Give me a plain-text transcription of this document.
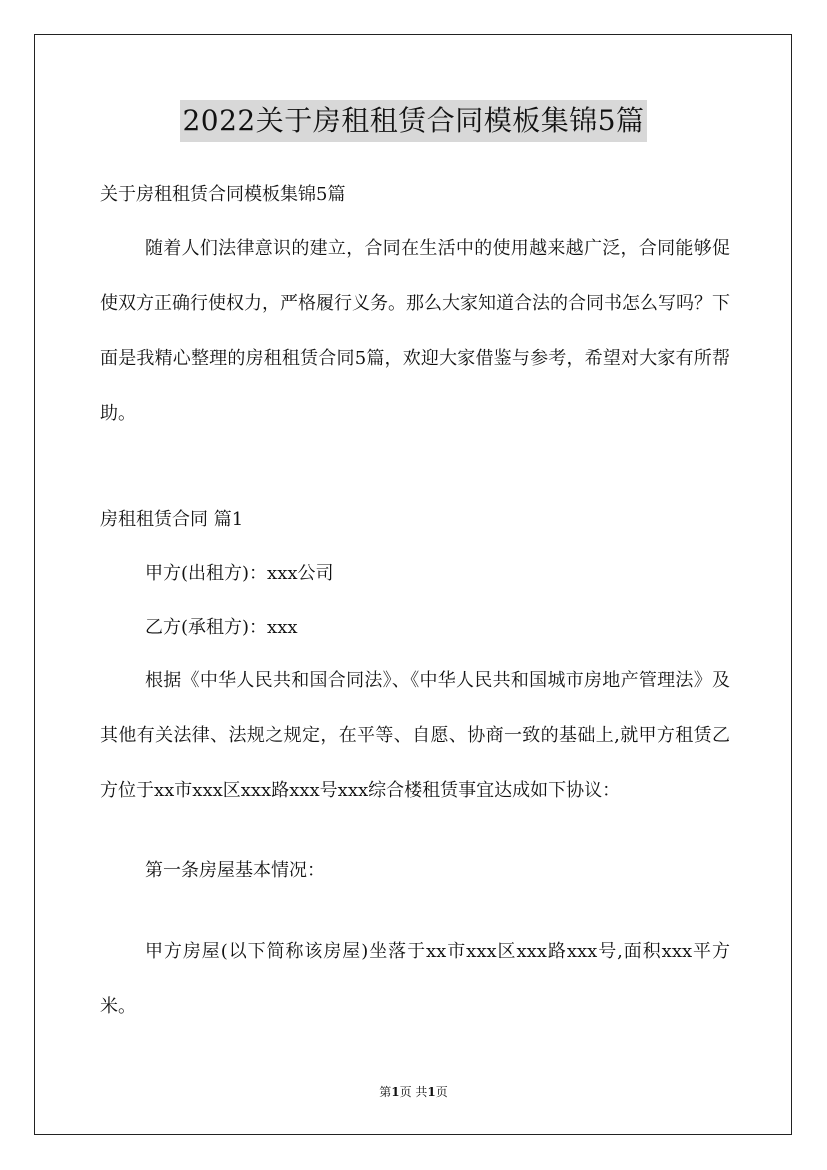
2022关于房租租赁合同模板集锦5篇

关于房租租赁合同模板集锦5篇

随着人们法律意识的建立，合同在生活中的使用越来越广泛，合同能够促使双方正确行使权力，严格履行义务。那么大家知道合法的合同书怎么写吗？下面是我精心整理的房租租赁合同5篇，欢迎大家借鉴与参考，希望对大家有所帮助。

房租租赁合同 篇1

甲方(出租方)：xxx公司

乙方(承租方)：xxx

根据《中华人民共和国合同法》、《中华人民共和国城市房地产管理法》及其他有关法律、法规之规定，在平等、自愿、协商一致的基础上,就甲方租赁乙方位于xx市xxx区xxx路xxx号xxx综合楼租赁事宜达成如下协议：

第一条房屋基本情况：

甲方房屋(以下简称该房屋)坐落于xx市xxx区xxx路xxx号,面积xxx平方米。

第1页 共1页
